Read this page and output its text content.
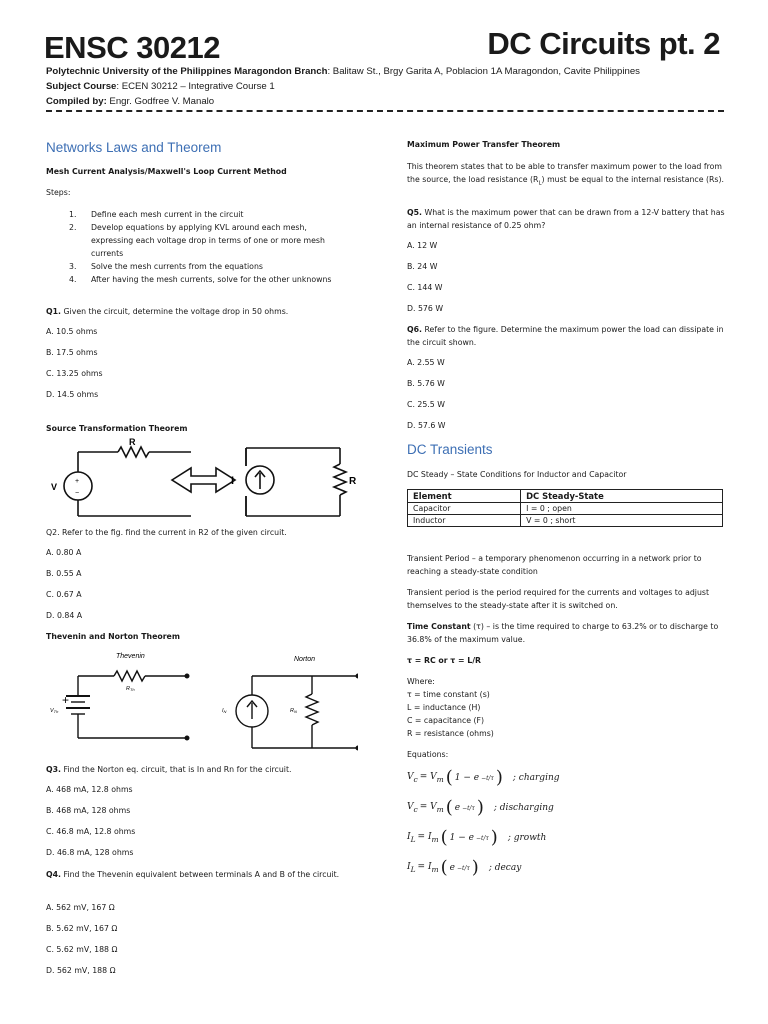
ENSC 30212	DC Circuits pt. 2
Polytechnic University of the Philippines Maragondon Branch: Balitaw St., Brgy Garita A, Poblacion 1A Maragondon, Cavite Philippines
Subject Course: ECEN 30212 – Integrative Course 1
Compiled by: Engr. Godfree V. Manalo
Networks Laws and Theorem
Mesh Current Analysis/Maxwell's Loop Current Method
Steps:
1. Define each mesh current in the circuit
2. Develop equations by applying KVL around each mesh, expressing each voltage drop in terms of one or more mesh currents
3. Solve the mesh currents from the equations
4. After having the mesh currents, solve for the other unknowns
Q1. Given the circuit, determine the voltage drop in 50 ohms.
A. 10.5 ohms
B. 17.5 ohms
C. 13.25 ohms
D. 14.5 ohms
Source Transformation Theorem
R
V
+
−
I	R
Q2. Refer to the fig. find the current in R2 of the given circuit.
A. 0.80 A
B. 0.55 A
C. 0.67 A
D. 0.84 A
Thevenin and Norton Theorem
Thevenin	Norton
RTh
VTh
+
IN	RN
Q3. Find the Norton eq. circuit, that is In and Rn for the circuit.
A. 468 mA, 12.8 ohms
B. 468 mA, 128 ohms
C. 46.8 mA, 12.8 ohms
D. 46.8 mA, 128 ohms
Q4. Find the Thevenin equivalent between terminals A and B of the circuit.
A. 562 mV, 167 Ω
B. 5.62 mV, 167 Ω
C. 5.62 mV, 188 Ω
D. 562 mV, 188 Ω
Maximum Power Transfer Theorem
This theorem states that to be able to transfer maximum power to the load from the source, the load resistance $(R_L)$ must be equal to the internal resistance (Rs).
Q5. What is the maximum power that can be drawn from a 12-V battery that has an internal resistance of 0.25 ohm?
A. 12 W
B. 24 W
C. 144 W
D. 576 W
Q6. Refer to the figure. Determine the maximum power the load can dissipate in the circuit shown.
A. 2.55 W
B. 5.76 W
C. 25.5 W
D. 57.6 W
DC Transients
DC Steady – State Conditions for Inductor and Capacitor
Element	DC Steady-State
Capacitor	I = 0 ; open
Inductor	V = 0 ; short
Transient Period – a temporary phenomenon occurring in a network prior to reaching a steady-state condition
Transient period is the period required for the currents and voltages to adjust themselves to the steady-state after it is switched on.
Time Constant (τ) – is the time required to charge to 63.2% or to discharge to 36.8% of the maximum value.
τ = RC or τ = L/R
Where:
τ = time constant (s)
L = inductance (H)
C = capacitance (F)
R = resistance (ohms)
Equations:
$V_c = V_m$ ( 1 − e −t/τ ) ; charging
$V_c = V_m$ ( e −t/τ ) ; discharging
$I_L = I_m$ ( 1 − e −t/τ ) ; growth
$I_L = I_m$ ( e −t/τ ) ; decay
